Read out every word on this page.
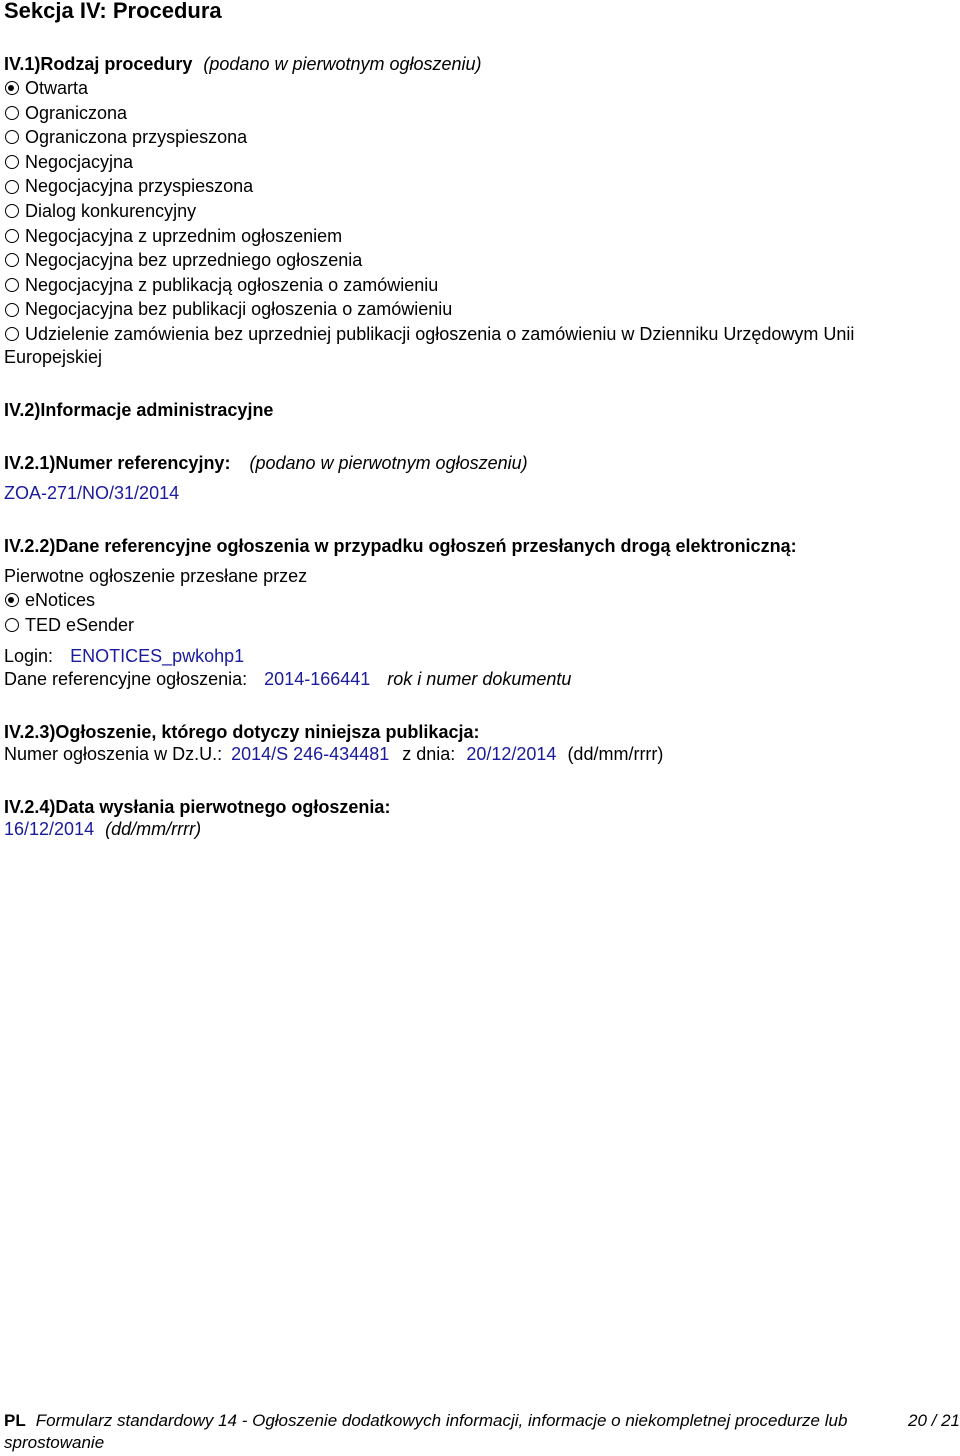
Sekcja IV: Procedura
IV.1)Rodzaj procedury (podano w pierwotnym ogłoszeniu)
Otwarta
Ograniczona
Ograniczona przyspieszona
Negocjacyjna
Negocjacyjna przyspieszona
Dialog konkurencyjny
Negocjacyjna z uprzednim ogłoszeniem
Negocjacyjna bez uprzedniego ogłoszenia
Negocjacyjna z publikacją ogłoszenia o zamówieniu
Negocjacyjna bez publikacji ogłoszenia o zamówieniu
Udzielenie zamówienia bez uprzedniej publikacji ogłoszenia o zamówieniu w Dzienniku Urzędowym Unii Europejskiej
IV.2)Informacje administracyjne
IV.2.1)Numer referencyjny: (podano w pierwotnym ogłoszeniu)
ZOA-271/NO/31/2014
IV.2.2)Dane referencyjne ogłoszenia w przypadku ogłoszeń przesłanych drogą elektroniczną:
Pierwotne ogłoszenie przesłane przez
eNotices
TED eSender
Login: ENOTICES_pwkohp1
Dane referencyjne ogłoszenia: 2014-166441 rok i numer dokumentu
IV.2.3)Ogłoszenie, którego dotyczy niniejsza publikacja:
Numer ogłoszenia w Dz.U.: 2014/S 246-434481 z dnia: 20/12/2014 (dd/mm/rrrr)
IV.2.4)Data wysłania pierwotnego ogłoszenia:
16/12/2014 (dd/mm/rrrr)
PL Formularz standardowy 14 - Ogłoszenie dodatkowych informacji, informacje o niekompletnej procedurze lub sprostowanie
20 / 21
